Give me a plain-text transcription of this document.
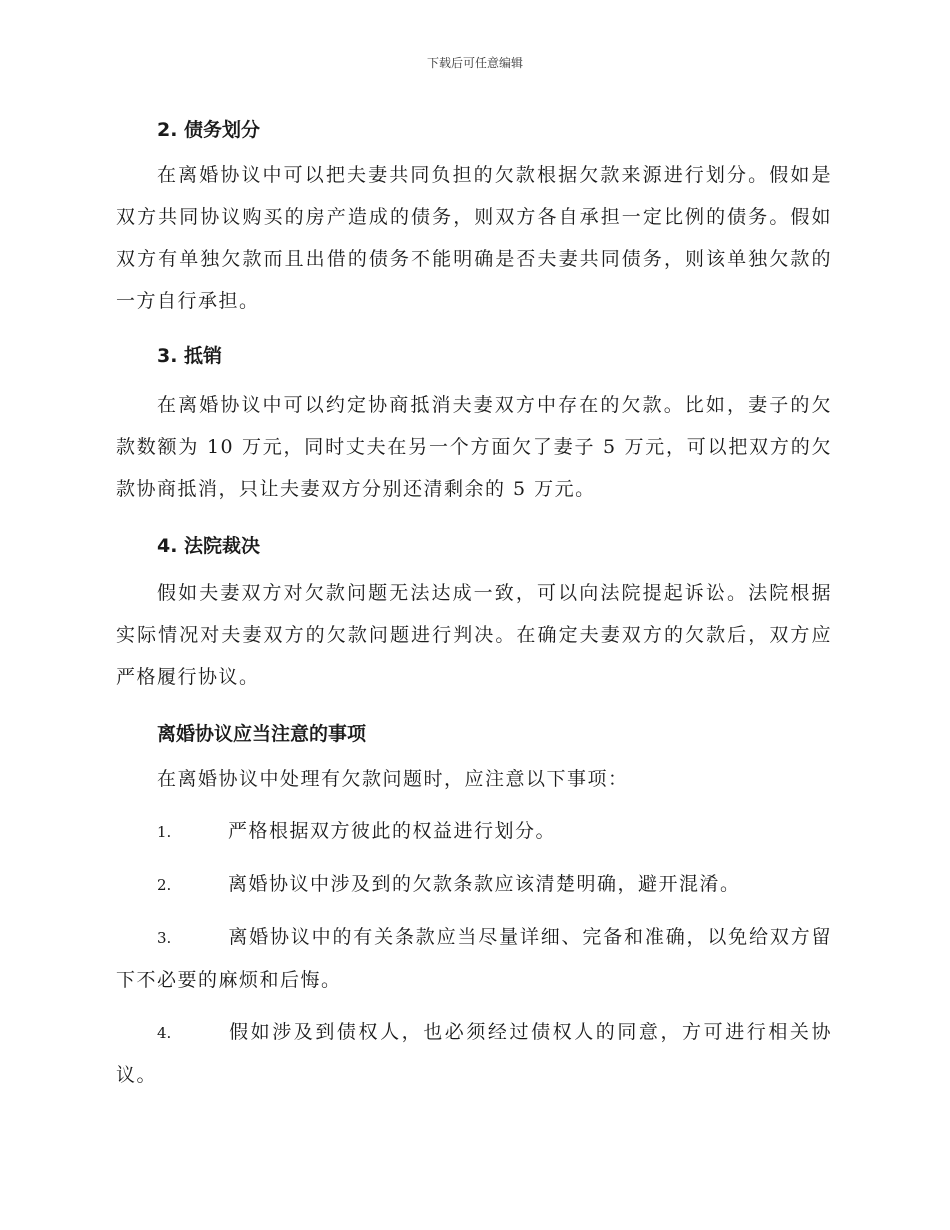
下载后可任意编辑
2. 债务划分

在离婚协议中可以把夫妻共同负担的欠款根据欠款来源进行划分。假如是双方共同协议购买的房产造成的债务，则双方各自承担一定比例的债务。假如双方有单独欠款而且出借的债务不能明确是否夫妻共同债务，则该单独欠款的一方自行承担。

3. 抵销

在离婚协议中可以约定协商抵消夫妻双方中存在的欠款。比如，妻子的欠款数额为 10 万元，同时丈夫在另一个方面欠了妻子 5 万元，可以把双方的欠款协商抵消，只让夫妻双方分别还清剩余的 5 万元。

4. 法院裁决

假如夫妻双方对欠款问题无法达成一致，可以向法院提起诉讼。法院根据实际情况对夫妻双方的欠款问题进行判决。在确定夫妻双方的欠款后，双方应严格履行协议。

离婚协议应当注意的事项

在离婚协议中处理有欠款问题时，应注意以下事项：

1.	严格根据双方彼此的权益进行划分。

2.	离婚协议中涉及到的欠款条款应该清楚明确，避开混淆。

3.	离婚协议中的有关条款应当尽量详细、完备和准确，以免给双方留下不必要的麻烦和后悔。

4.	假如涉及到债权人，也必须经过债权人的同意，方可进行相关协议。
